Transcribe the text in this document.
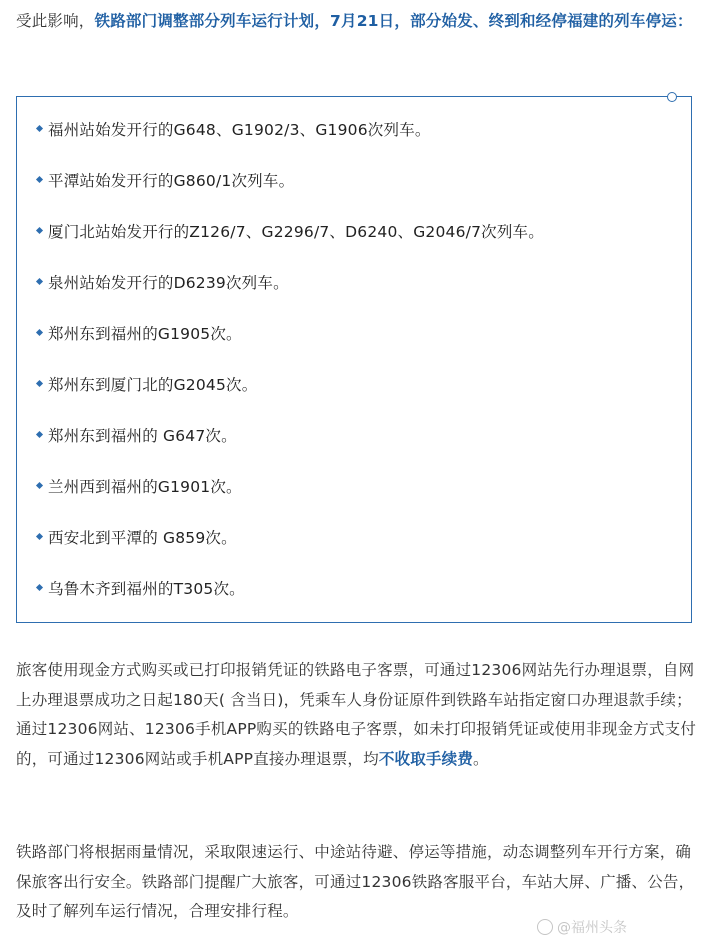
受此影响，铁路部门调整部分列车运行计划，7月21日，部分始发、终到和经停福建的列车停运：
福州站始发开行的G648、G1902/3、G1906次列车。
平潭站始发开行的G860/1次列车。
厦门北站始发开行的Z126/7、G2296/7、D6240、G2046/7次列车。
泉州站始发开行的D6239次列车。
郑州东到福州的G1905次。
郑州东到厦门北的G2045次。
郑州东到福州的 G647次。
兰州西到福州的G1901次。
西安北到平潭的 G859次。
乌鲁木齐到福州的T305次。
旅客使用现金方式购买或已打印报销凭证的铁路电子客票，可通过12306网站先行办理退票，自网上办理退票成功之日起180天( 含当日)，凭乘车人身份证原件到铁路车站指定窗口办理退款手续；通过12306网站、12306手机APP购买的铁路电子客票，如未打印报销凭证或使用非现金方式支付的，可通过12306网站或手机APP直接办理退票，均不收取手续费。
铁路部门将根据雨量情况，采取限速运行、中途站待避、停运等措施，动态调整列车开行方案，确保旅客出行安全。铁路部门提醒广大旅客，可通过12306铁路客服平台，车站大屏、广播、公告，及时了解列车运行情况，合理安排行程。
@福州头条
